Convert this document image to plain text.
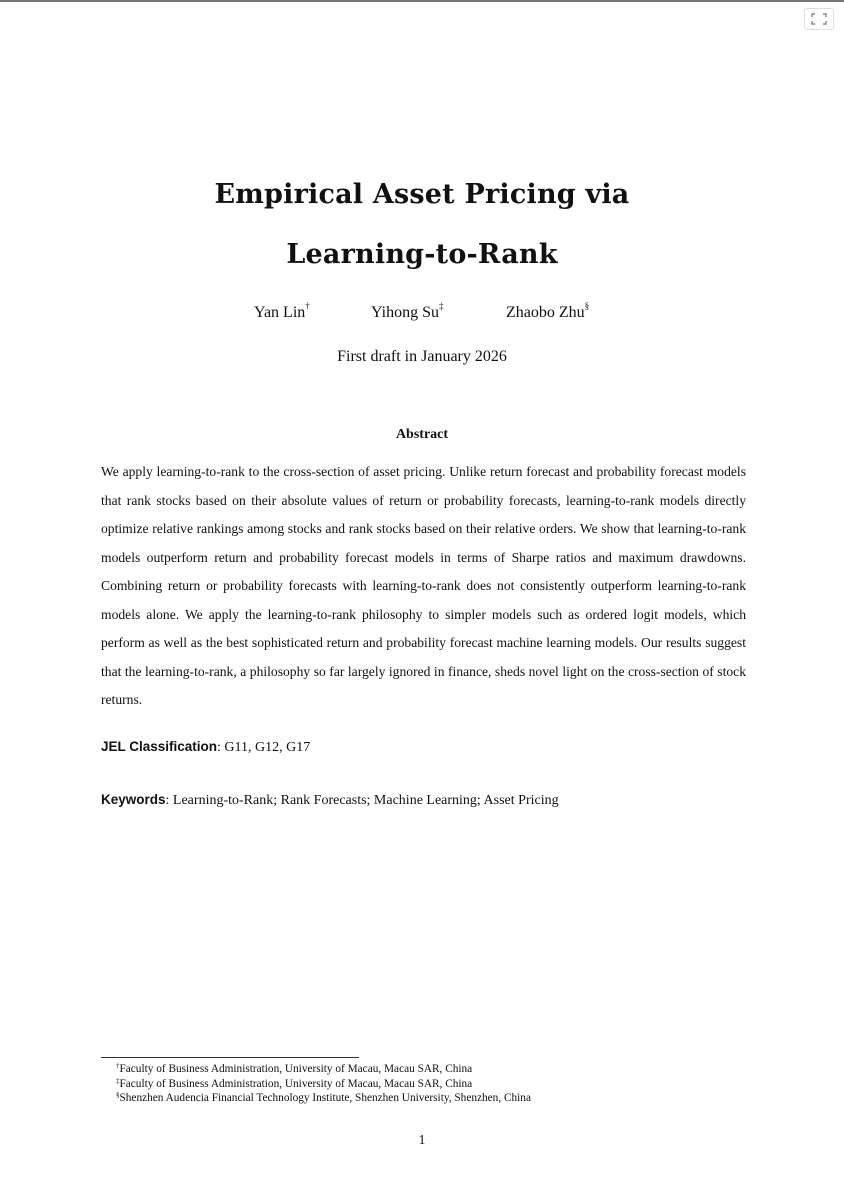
Empirical Asset Pricing via
Learning-to-Rank
Yan Lin†	Yihong Su‡	Zhaobo Zhu§
First draft in January 2026
Abstract
We apply learning-to-rank to the cross-section of asset pricing. Unlike return forecast and probability forecast models that rank stocks based on their absolute values of return or probability forecasts, learning-to-rank models directly optimize relative rankings among stocks and rank stocks based on their relative orders. We show that learning-to-rank models outperform return and probability forecast models in terms of Sharpe ratios and maximum drawdowns. Combining return or probability forecasts with learning-to-rank does not consistently outperform learning-to-rank models alone. We apply the learning-to-rank philosophy to simpler models such as ordered logit models, which perform as well as the best sophisticated return and probability forecast machine learning models. Our results suggest that the learning-to-rank, a philosophy so far largely ignored in finance, sheds novel light on the cross-section of stock returns.
JEL Classification: G11, G12, G17
Keywords: Learning-to-Rank; Rank Forecasts; Machine Learning; Asset Pricing
†Faculty of Business Administration, University of Macau, Macau SAR, China
‡Faculty of Business Administration, University of Macau, Macau SAR, China
§Shenzhen Audencia Financial Technology Institute, Shenzhen University, Shenzhen, China
1
